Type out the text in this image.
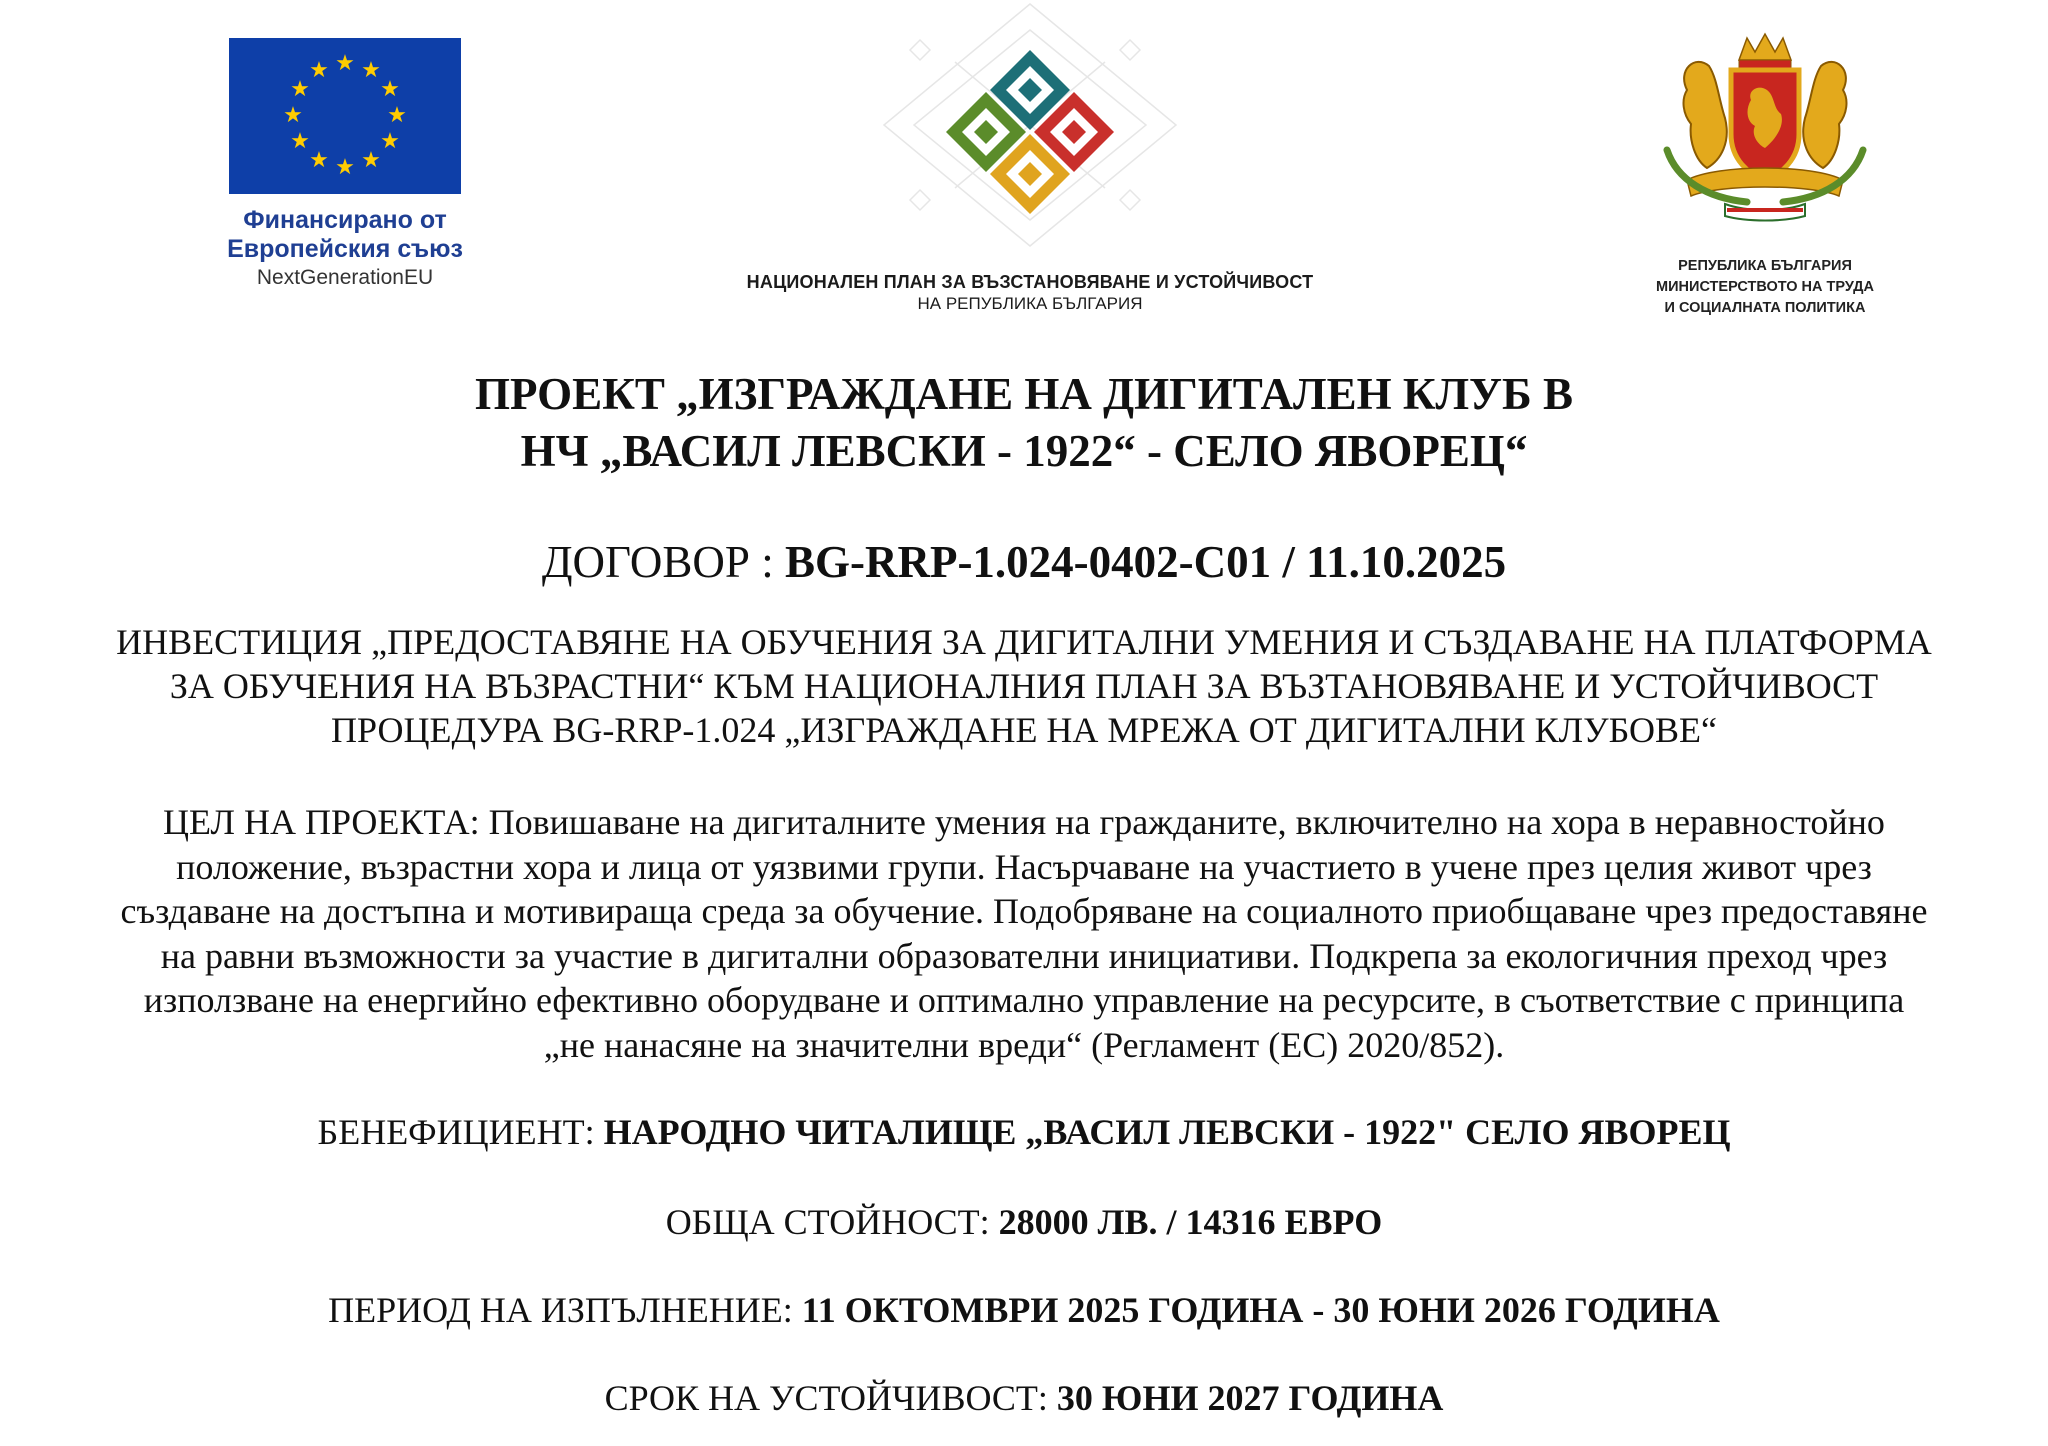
★ ★
★
★
★
★
★
★
★
★
★
★
Финансирано от
Европейския съюз
NextGenerationEU	НАЦИОНАЛЕН ПЛАН ЗА ВЪЗСТАНОВЯВАНЕ И УСТОЙЧИВОСТ
НА РЕПУБЛИКА БЪЛГАРИЯ
РЕПУБЛИКА БЪЛГАРИЯ
МИНИСТЕРСТВОТО НА ТРУДА
И СОЦИАЛНАТА ПОЛИТИКА
ПРОЕКТ „ИЗГРАЖДАНЕ НА ДИГИТАЛЕН КЛУБ В
НЧ „ВАСИЛ ЛЕВСКИ - 1922“ - СЕЛО ЯВОРЕЦ“
ДОГОВОР : BG-RRP-1.024-0402-C01 / 11.10.2025
ИНВЕСТИЦИЯ „ПРЕДОСТАВЯНЕ НА ОБУЧЕНИЯ ЗА ДИГИТАЛНИ УМЕНИЯ И СЪЗДАВАНЕ НА ПЛАТФОРМА
ЗА ОБУЧЕНИЯ НА ВЪЗРАСТНИ“ КЪМ НАЦИОНАЛНИЯ ПЛАН ЗА ВЪЗТАНОВЯВАНЕ И УСТОЙЧИВОСТ
ПРОЦЕДУРА BG-RRP-1.024 „ИЗГРАЖДАНЕ НА МРЕЖА ОТ ДИГИТАЛНИ КЛУБОВЕ“
ЦЕЛ НА ПРОЕКТА: Повишаване на дигиталните умения на гражданите, включително на хора в неравностойно
положение, възрастни хора и лица от уязвими групи. Насърчаване на участието в учене през целия живот чрез
създаване на достъпна и мотивираща среда за обучение. Подобряване на социалното приобщаване чрез предоставяне
на равни възможности за участие в дигитални образователни инициативи. Подкрепа за екологичния преход чрез
използване на енергийно ефективно оборудване и оптимално управление на ресурсите, в съответствие с принципа
„не нанасяне на значителни вреди“ (Регламент (ЕС) 2020/852).
БЕНЕФИЦИЕНТ: НАРОДНО ЧИТАЛИЩЕ „ВАСИЛ ЛЕВСКИ - 1922" СЕЛО ЯВОРЕЦ
ОБЩА СТОЙНОСТ: 28000 ЛВ. / 14316 ЕВРО
ПЕРИОД НА ИЗПЪЛНЕНИЕ: 11 ОКТОМВРИ 2025 ГОДИНА - 30 ЮНИ 2026 ГОДИНА
СРОК НА УСТОЙЧИВОСТ: 30 ЮНИ 2027 ГОДИНА
